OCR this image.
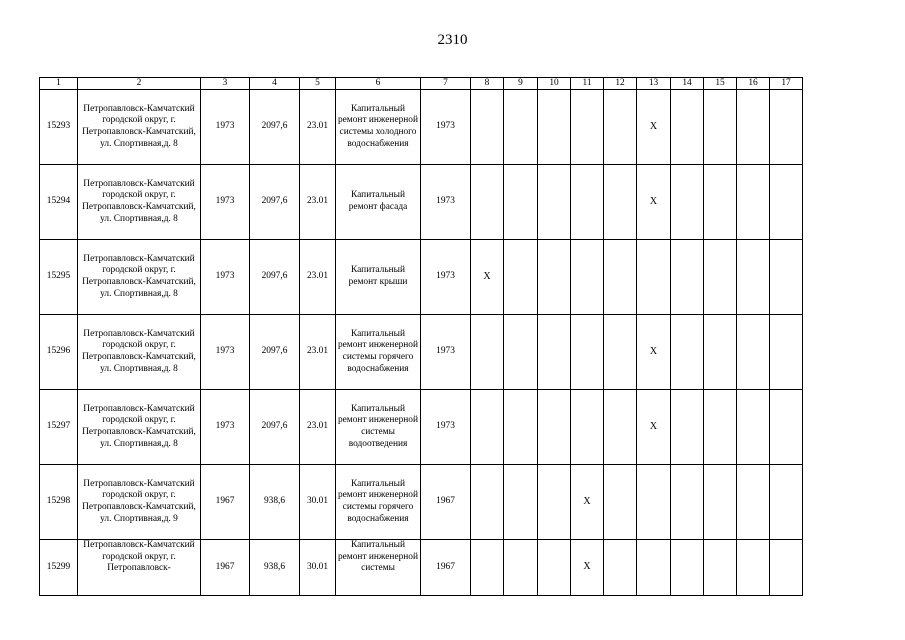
2310
1	2	3	4	5	6	7	8	9	10	11	12	13	14	15	16	17
15293	Петропавловск-Камчатский городской округ, г. Петропавловск-Камчатский, ул. Спортивная,д. 8	1973	2097,6	23.01	Капитальный ремонт инженерной системы холодного водоснабжения	1973						Х				
15294	Петропавловск-Камчатский городской округ, г. Петропавловск-Камчатский, ул. Спортивная,д. 8	1973	2097,6	23.01	Капитальный ремонт фасада	1973						Х				
15295	Петропавловск-Камчатский городской округ, г. Петропавловск-Камчатский, ул. Спортивная,д. 8	1973	2097,6	23.01	Капитальный ремонт крыши	1973	Х									
15296	Петропавловск-Камчатский городской округ, г. Петропавловск-Камчатский, ул. Спортивная,д. 8	1973	2097,6	23.01	Капитальный ремонт инженерной системы горячего водоснабжения	1973						Х				
15297	Петропавловск-Камчатский городской округ, г. Петропавловск-Камчатский, ул. Спортивная,д. 8	1973	2097,6	23.01	Капитальный ремонт инженерной системы водоотведения	1973						Х				
15298	Петропавловск-Камчатский городской округ, г. Петропавловск-Камчатский, ул. Спортивная,д. 9	1967	938,6	30.01	Капитальный ремонт инженерной системы горячего водоснабжения	1967				Х						
15299	Петропавловск-Камчатский городской округ, г. Петропавловск-	1967	938,6	30.01	Капитальный ремонт инженерной системы	1967				Х						
